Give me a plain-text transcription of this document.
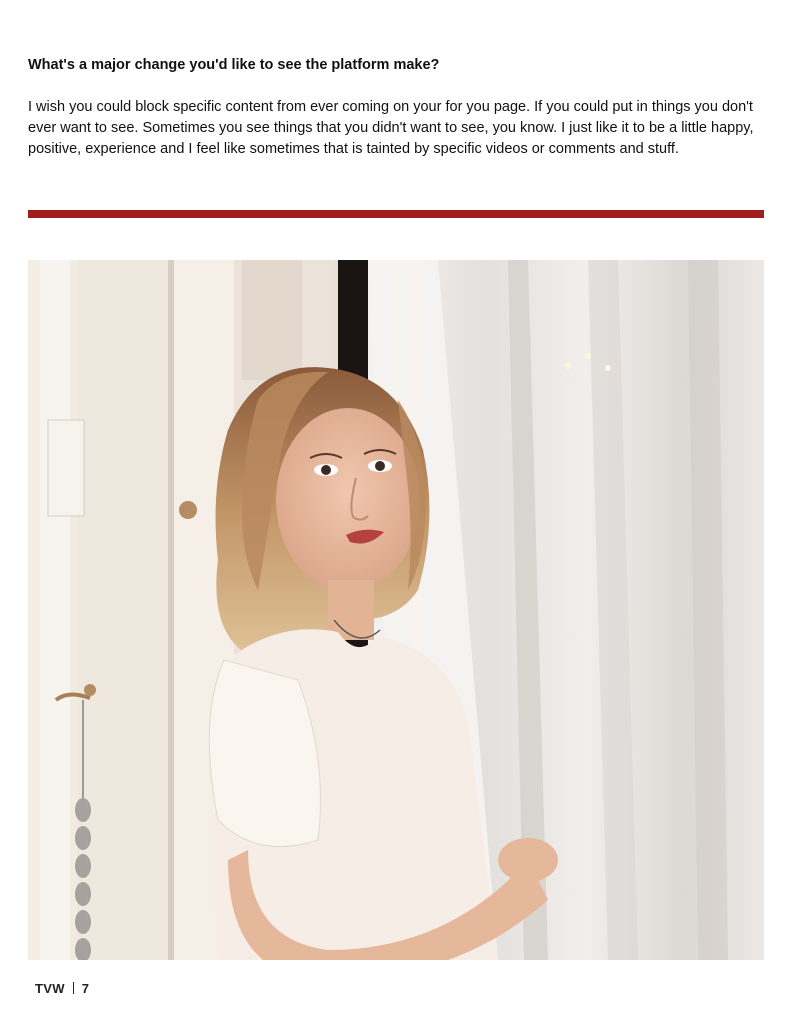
What's a major change you'd like to see the platform make?

I wish you could block specific content from ever coming on your for you page. If you could put in things you don't ever want to see. Sometimes you see things that you didn't want to see, you know. I just like it to be a little happy, positive, experience and I feel like sometimes that is tainted by specific videos or comments and stuff.

TVW 7
